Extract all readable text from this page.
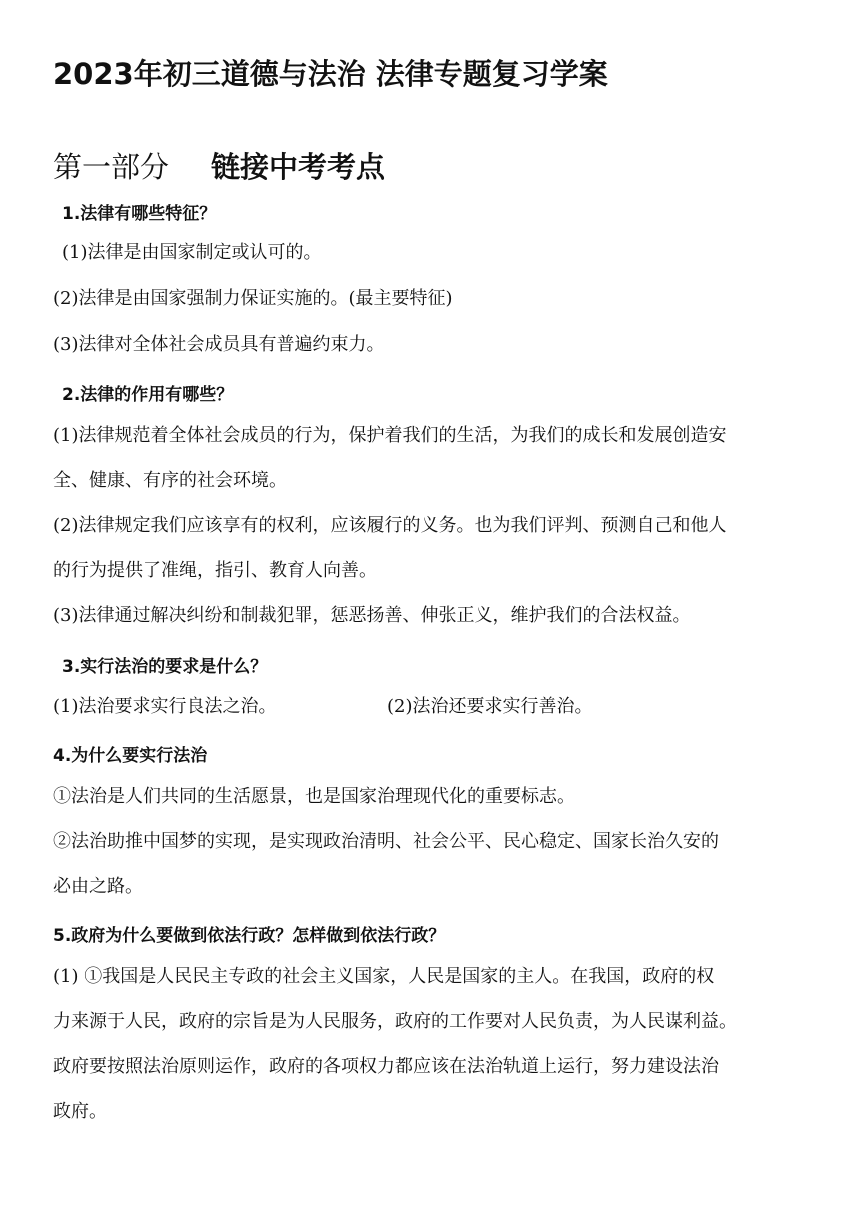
2023年初三道德与法治 法律专题复习学案
第一部分 链接中考考点
1.法律有哪些特征？
(1)法律是由国家制定或认可的。
(2)法律是由国家强制力保证实施的。(最主要特征)
(3)法律对全体社会成员具有普遍约束力。
2.法律的作用有哪些？
(1)法律规范着全体社会成员的行为，保护着我们的生活，为我们的成长和发展创造安
全、健康、有序的社会环境。
(2)法律规定我们应该享有的权利，应该履行的义务。也为我们评判、预测自己和他人
的行为提供了准绳，指引、教育人向善。
(3)法律通过解决纠纷和制裁犯罪，惩恶扬善、伸张正义，维护我们的合法权益。
3.实行法治的要求是什么？
(1)法治要求实行良法之治。	(2)法治还要求实行善治。
4.为什么要实行法治
①法治是人们共同的生活愿景，也是国家治理现代化的重要标志。
②法治助推中国梦的实现，是实现政治清明、社会公平、民心稳定、国家长治久安的
必由之路。
5.政府为什么要做到依法行政？怎样做到依法行政？
(1) ①我国是人民民主专政的社会主义国家，人民是国家的主人。在我国，政府的权
力来源于人民，政府的宗旨是为人民服务，政府的工作要对人民负责，为人民谋利益。
政府要按照法治原则运作，政府的各项权力都应该在法治轨道上运行，努力建设法治
政府。
